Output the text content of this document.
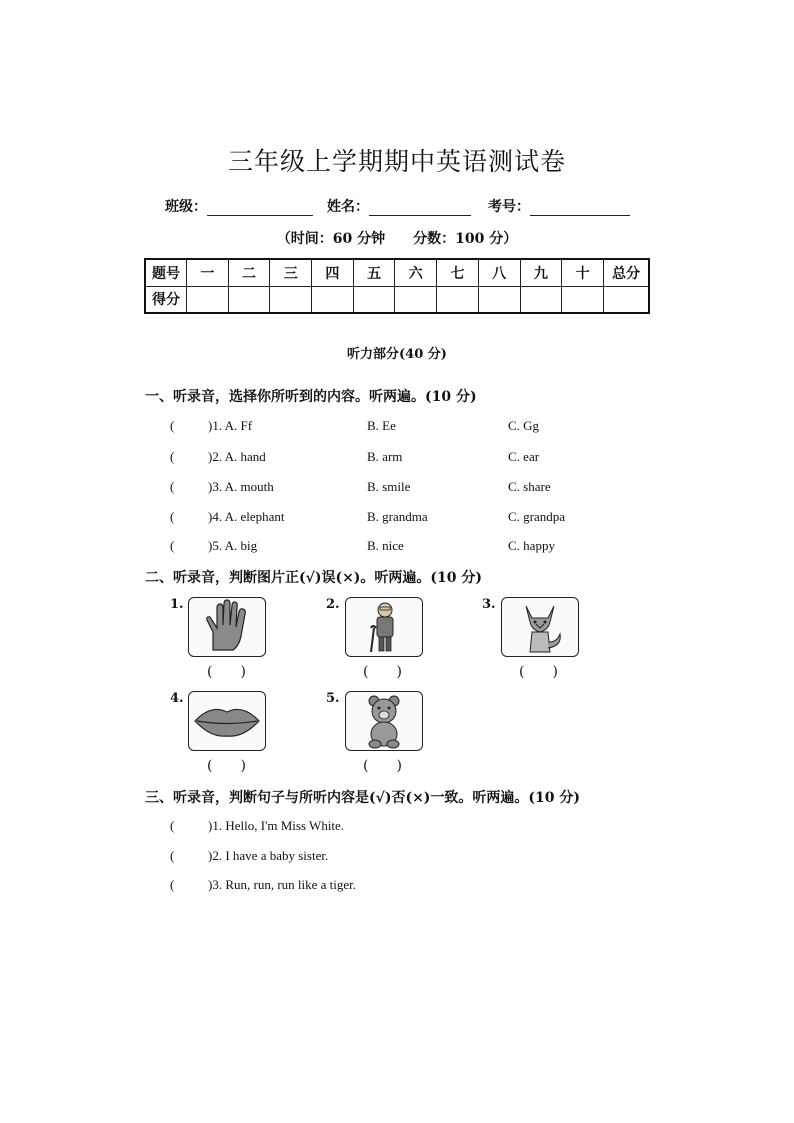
三年级上学期期中英语测试卷
班级：	姓名：	考号：
（时间：60 分钟　　分数：100 分）
题号	一	二	三	四	五	六	七	八	九	十	总分
得分											
听力部分(40 分)
一、听录音，选择你所听到的内容。听两遍。(10 分)
(	)1. A. Ff	B. Ee	C. Gg
(	)2. A. hand	B. arm	C. ear
(	)3. A. mouth	B. smile	C. share
(	)4. A. elephant	B. grandma	C. grandpa
(	)5. A. big	B. nice	C. happy
二、听录音，判断图片正(√)误(×)。听两遍。(10 分)
1.
(　　)
2.
(　　)
3.
(　　)
4.
(　　)
5.
(　　)
三、听录音，判断句子与所听内容是(√)否(×)一致。听两遍。(10 分)
(	)1. Hello, I'm Miss White.
(	)2. I have a baby sister.
(	)3. Run, run, run like a tiger.
